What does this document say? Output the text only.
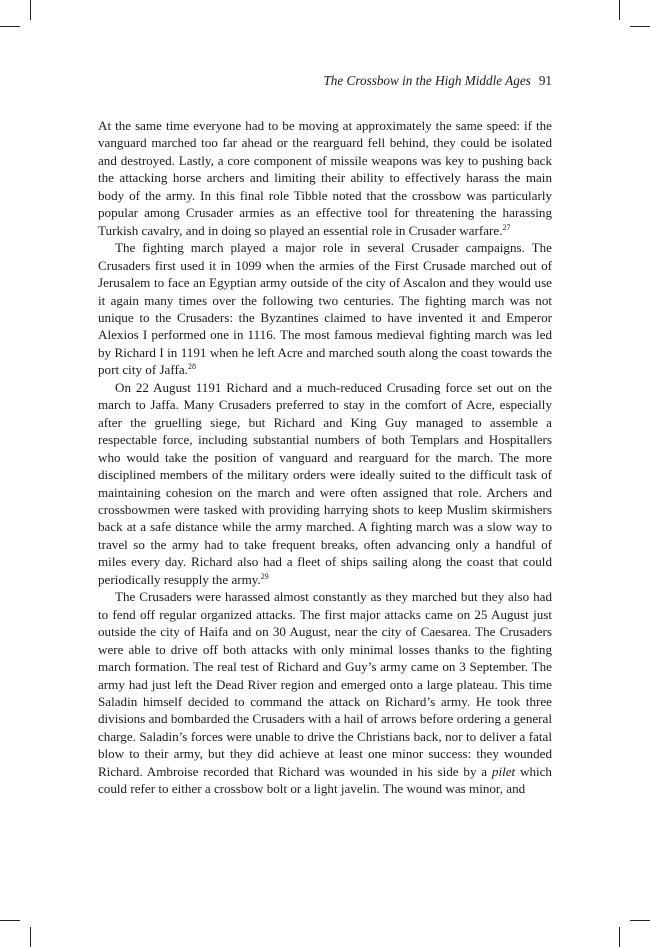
The Crossbow in the High Middle Ages 91

At the same time everyone had to be moving at approximately the same speed: if the vanguard marched too far ahead or the rearguard fell behind, they could be isolated and destroyed. Lastly, a core component of missile weapons was key to pushing back the attacking horse archers and limiting their ability to effectively harass the main body of the army. In this final role Tibble noted that the crossbow was particularly popular among Crusader armies as an effective tool for threatening the harassing Turkish cavalry, and in doing so played an essential role in Crusader warfare.$^{27}$

The fighting march played a major role in several Crusader campaigns. The Crusaders first used it in 1099 when the armies of the First Crusade marched out of Jerusalem to face an Egyptian army outside of the city of Ascalon and they would use it again many times over the following two centuries. The fighting march was not unique to the Crusaders: the Byzantines claimed to have invented it and Emperor Alexios I performed one in 1116. The most famous medieval fighting march was led by Richard I in 1191 when he left Acre and marched south along the coast towards the port city of Jaffa.$^{28}$

On 22 August 1191 Richard and a much-reduced Crusading force set out on the march to Jaffa. Many Crusaders preferred to stay in the comfort of Acre, especially after the gruelling siege, but Richard and King Guy managed to assemble a respectable force, including substantial numbers of both Templars and Hospitallers who would take the position of vanguard and rearguard for the march. The more disciplined members of the military orders were ideally suited to the difficult task of maintaining cohesion on the march and were often assigned that role. Archers and crossbowmen were tasked with providing harrying shots to keep Muslim skirmishers back at a safe distance while the army marched. A fighting march was a slow way to travel so the army had to take frequent breaks, often advancing only a handful of miles every day. Richard also had a fleet of ships sailing along the coast that could periodically resupply the army.$^{29}$

The Crusaders were harassed almost constantly as they marched but they also had to fend off regular organized attacks. The first major attacks came on 25 August just outside the city of Haifa and on 30 August, near the city of Caesarea. The Crusaders were able to drive off both attacks with only minimal losses thanks to the fighting march formation. The real test of Richard and Guy’s army came on 3 September. The army had just left the Dead River region and emerged onto a large plateau. This time Saladin himself decided to command the attack on Richard’s army. He took three divisions and bombarded the Crusaders with a hail of arrows before ordering a general charge. Saladin’s forces were unable to drive the Christians back, nor to deliver a fatal blow to their army, but they did achieve at least one minor success: they wounded Richard. Ambroise recorded that Richard was wounded in his side by a pilet which could refer to either a crossbow bolt or a light javelin. The wound was minor, and
